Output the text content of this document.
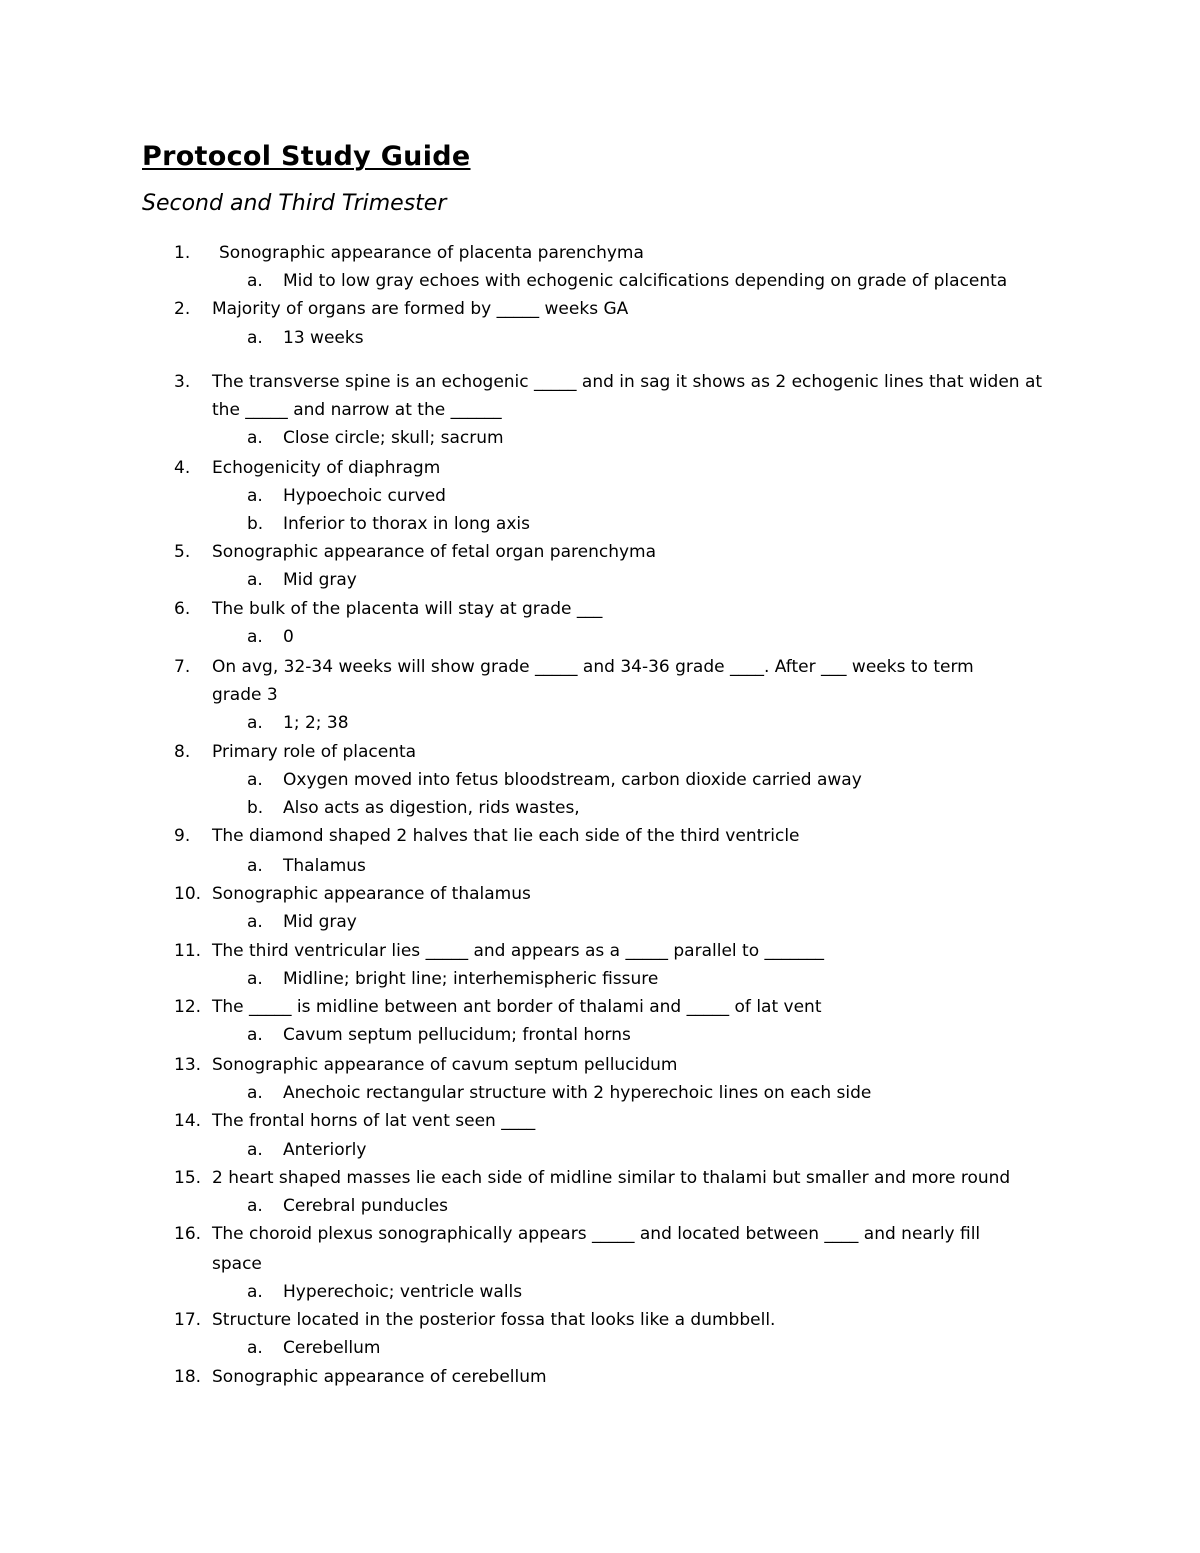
Protocol Study Guide
Second and Third Trimester
1.	Sonographic appearance of placenta parenchyma
a.	Mid to low gray echoes with echogenic calcifications depending on grade of placenta
2.	Majority of organs are formed by _____ weeks GA
a.	13 weeks
3.	The transverse spine is an echogenic _____ and in sag it shows as 2 echogenic lines that widen at
the _____ and narrow at the ______
a.	Close circle; skull; sacrum
4.	Echogenicity of diaphragm
a.	Hypoechoic curved
b.	Inferior to thorax in long axis
5.	Sonographic appearance of fetal organ parenchyma
a.	Mid gray
6.	The bulk of the placenta will stay at grade ___
a.	0
7.	On avg, 32-34 weeks will show grade _____ and 34-36 grade ____. After ___ weeks to term
grade 3
a.	1; 2; 38
8.	Primary role of placenta
a.	Oxygen moved into fetus bloodstream, carbon dioxide carried away
b.	Also acts as digestion, rids wastes,
9.	The diamond shaped 2 halves that lie each side of the third ventricle
a.	Thalamus
10. Sonographic appearance of thalamus
a.	Mid gray
11. The third ventricular lies _____ and appears as a _____ parallel to _______
a.	Midline; bright line; interhemispheric fissure
12. The _____ is midline between ant border of thalami and _____ of lat vent
a.	Cavum septum pellucidum; frontal horns
13. Sonographic appearance of cavum septum pellucidum
a.	Anechoic rectangular structure with 2 hyperechoic lines on each side
14. The frontal horns of lat vent seen ____
a.	Anteriorly
15. 2 heart shaped masses lie each side of midline similar to thalami but smaller and more round
a.	Cerebral punducles
16. The choroid plexus sonographically appears _____ and located between ____ and nearly fill
space
a.	Hyperechoic; ventricle walls
17. Structure located in the posterior fossa that looks like a dumbbell.
a.	Cerebellum
18. Sonographic appearance of cerebellum
